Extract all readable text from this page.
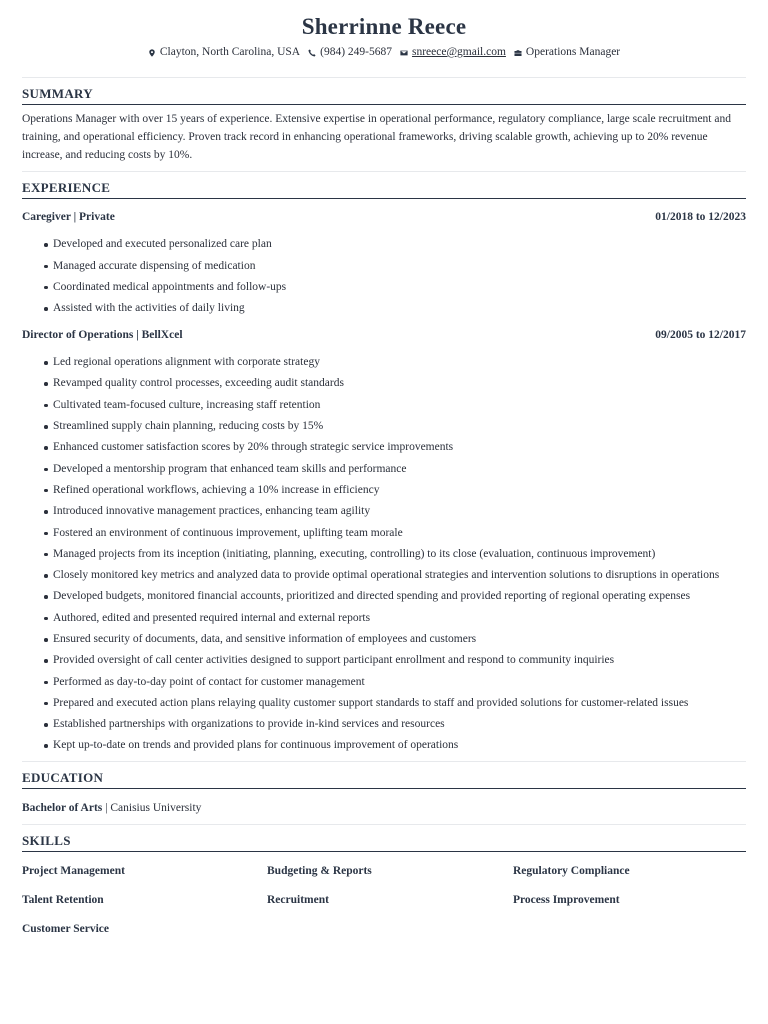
Sherrinne Reece
Clayton, North Carolina, USA (984) 249-5687 snreece@gmail.com Operations Manager
SUMMARY

Operations Manager with over 15 years of experience. Extensive expertise in operational performance, regulatory compliance, large scale recruitment and training, and operational efficiency. Proven track record in enhancing operational frameworks, driving scalable growth, achieving up to 20% revenue increase, and reducing costs by 10%.

EXPERIENCE
Caregiver | Private	01/2018 to 12/2023
Developed and executed personalized care plan
Managed accurate dispensing of medication
Coordinated medical appointments and follow-ups
Assisted with the activities of daily living
Director of Operations | BellXcel	09/2005 to 12/2017
Led regional operations alignment with corporate strategy
Revamped quality control processes, exceeding audit standards
Cultivated team-focused culture, increasing staff retention
Streamlined supply chain planning, reducing costs by 15%
Enhanced customer satisfaction scores by 20% through strategic service improvements
Developed a mentorship program that enhanced team skills and performance
Refined operational workflows, achieving a 10% increase in efficiency
Introduced innovative management practices, enhancing team agility
Fostered an environment of continuous improvement, uplifting team morale
Managed projects from its inception (initiating, planning, executing, controlling) to its close (evaluation, continuous improvement)
Closely monitored key metrics and analyzed data to provide optimal operational strategies and intervention solutions to disruptions in operations
Developed budgets, monitored financial accounts, prioritized and directed spending and provided reporting of regional operating expenses
Authored, edited and presented required internal and external reports
Ensured security of documents, data, and sensitive information of employees and customers
Provided oversight of call center activities designed to support participant enrollment and respond to community inquiries
Performed as day-to-day point of contact for customer management
Prepared and executed action plans relaying quality customer support standards to staff and provided solutions for customer-related issues
Established partnerships with organizations to provide in-kind services and resources
Kept up-to-date on trends and provided plans for continuous improvement of operations
EDUCATION
Bachelor of Arts | Canisius University
SKILLS
Project Management	Budgeting & Reports	Regulatory Compliance
Talent Retention	Recruitment	Process Improvement
Customer Service
